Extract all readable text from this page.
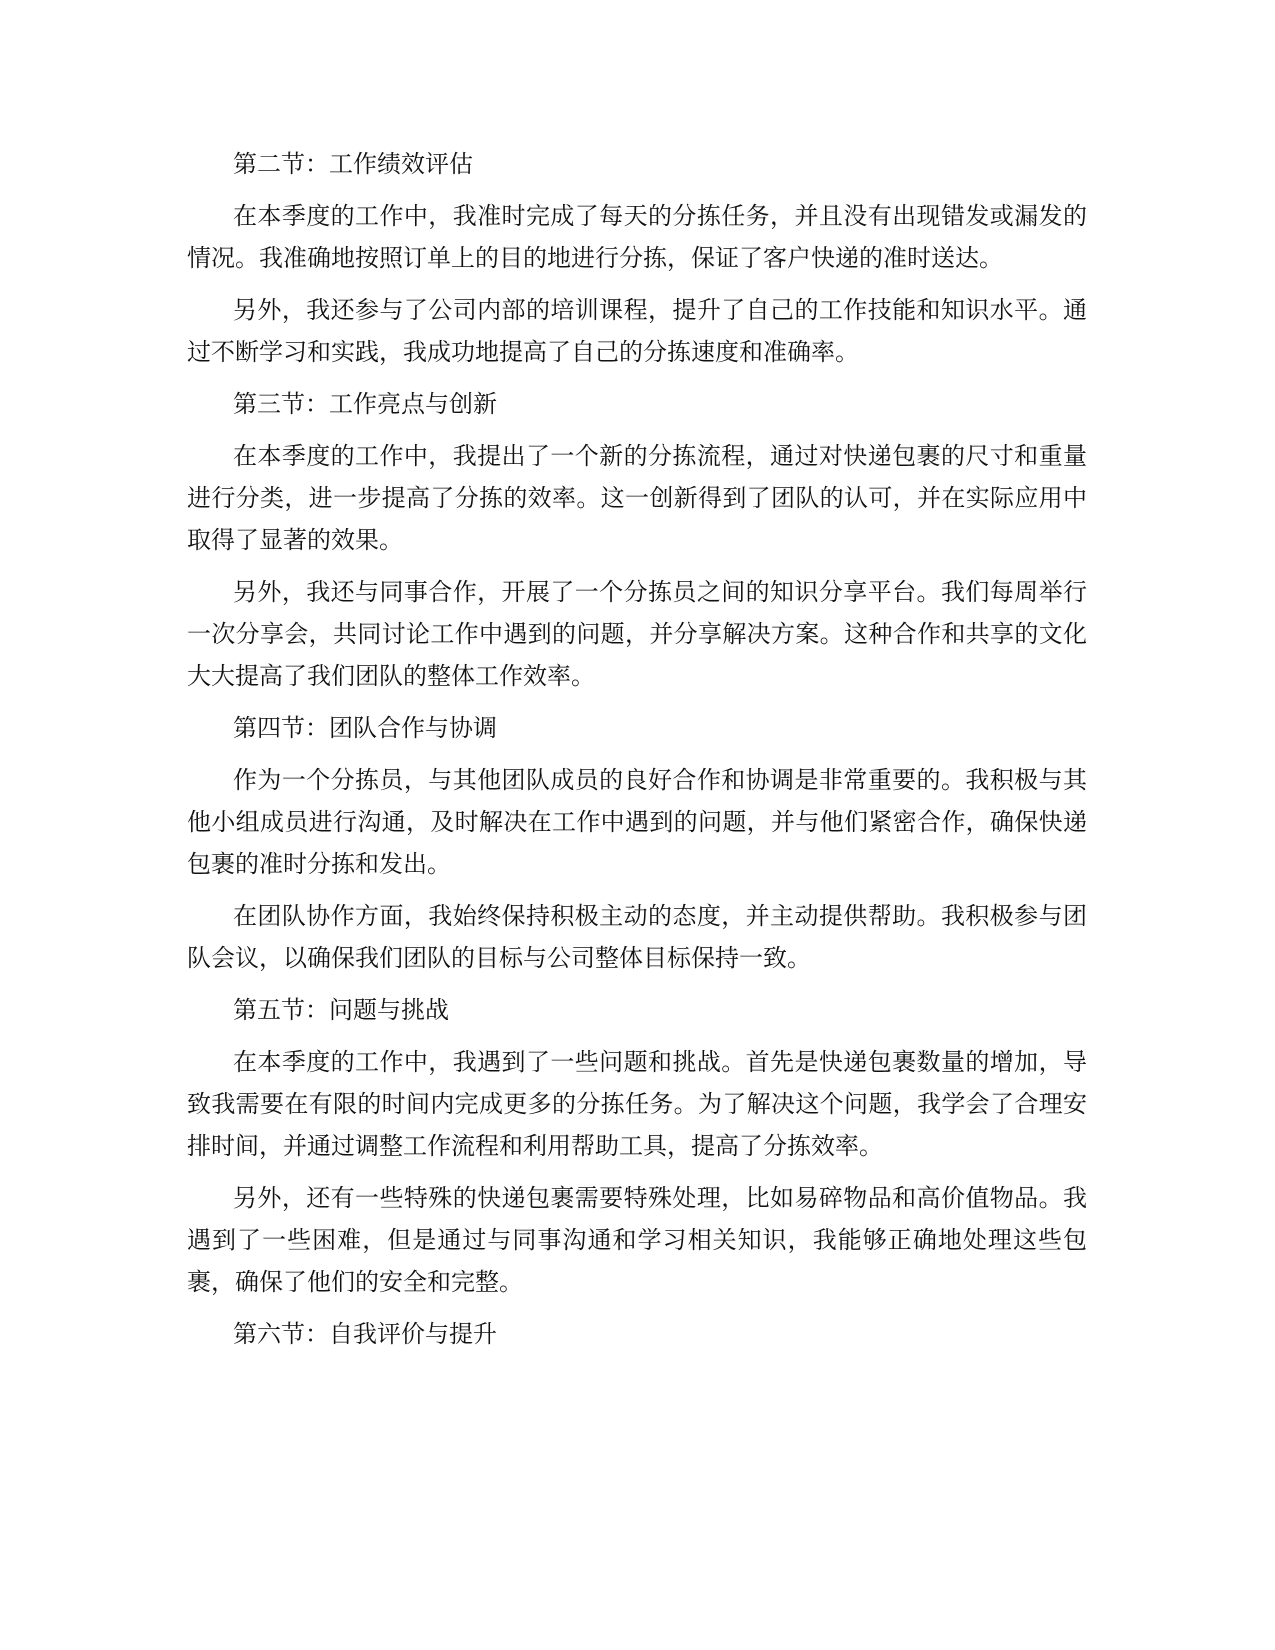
第二节：工作绩效评估

在本季度的工作中，我准时完成了每天的分拣任务，并且没有出现错发或漏发的情况。我准确地按照订单上的目的地进行分拣，保证了客户快递的准时送达。

另外，我还参与了公司内部的培训课程，提升了自己的工作技能和知识水平。通过不断学习和实践，我成功地提高了自己的分拣速度和准确率。

第三节：工作亮点与创新

在本季度的工作中，我提出了一个新的分拣流程，通过对快递包裹的尺寸和重量进行分类，进一步提高了分拣的效率。这一创新得到了团队的认可，并在实际应用中取得了显著的效果。

另外，我还与同事合作，开展了一个分拣员之间的知识分享平台。我们每周举行一次分享会，共同讨论工作中遇到的问题，并分享解决方案。这种合作和共享的文化大大提高了我们团队的整体工作效率。

第四节：团队合作与协调

作为一个分拣员，与其他团队成员的良好合作和协调是非常重要的。我积极与其他小组成员进行沟通，及时解决在工作中遇到的问题，并与他们紧密合作，确保快递包裹的准时分拣和发出。

在团队协作方面，我始终保持积极主动的态度，并主动提供帮助。我积极参与团队会议，以确保我们团队的目标与公司整体目标保持一致。

第五节：问题与挑战

在本季度的工作中，我遇到了一些问题和挑战。首先是快递包裹数量的增加，导致我需要在有限的时间内完成更多的分拣任务。为了解决这个问题，我学会了合理安排时间，并通过调整工作流程和利用帮助工具，提高了分拣效率。

另外，还有一些特殊的快递包裹需要特殊处理，比如易碎物品和高价值物品。我遇到了一些困难，但是通过与同事沟通和学习相关知识，我能够正确地处理这些包裹，确保了他们的安全和完整。

第六节：自我评价与提升
